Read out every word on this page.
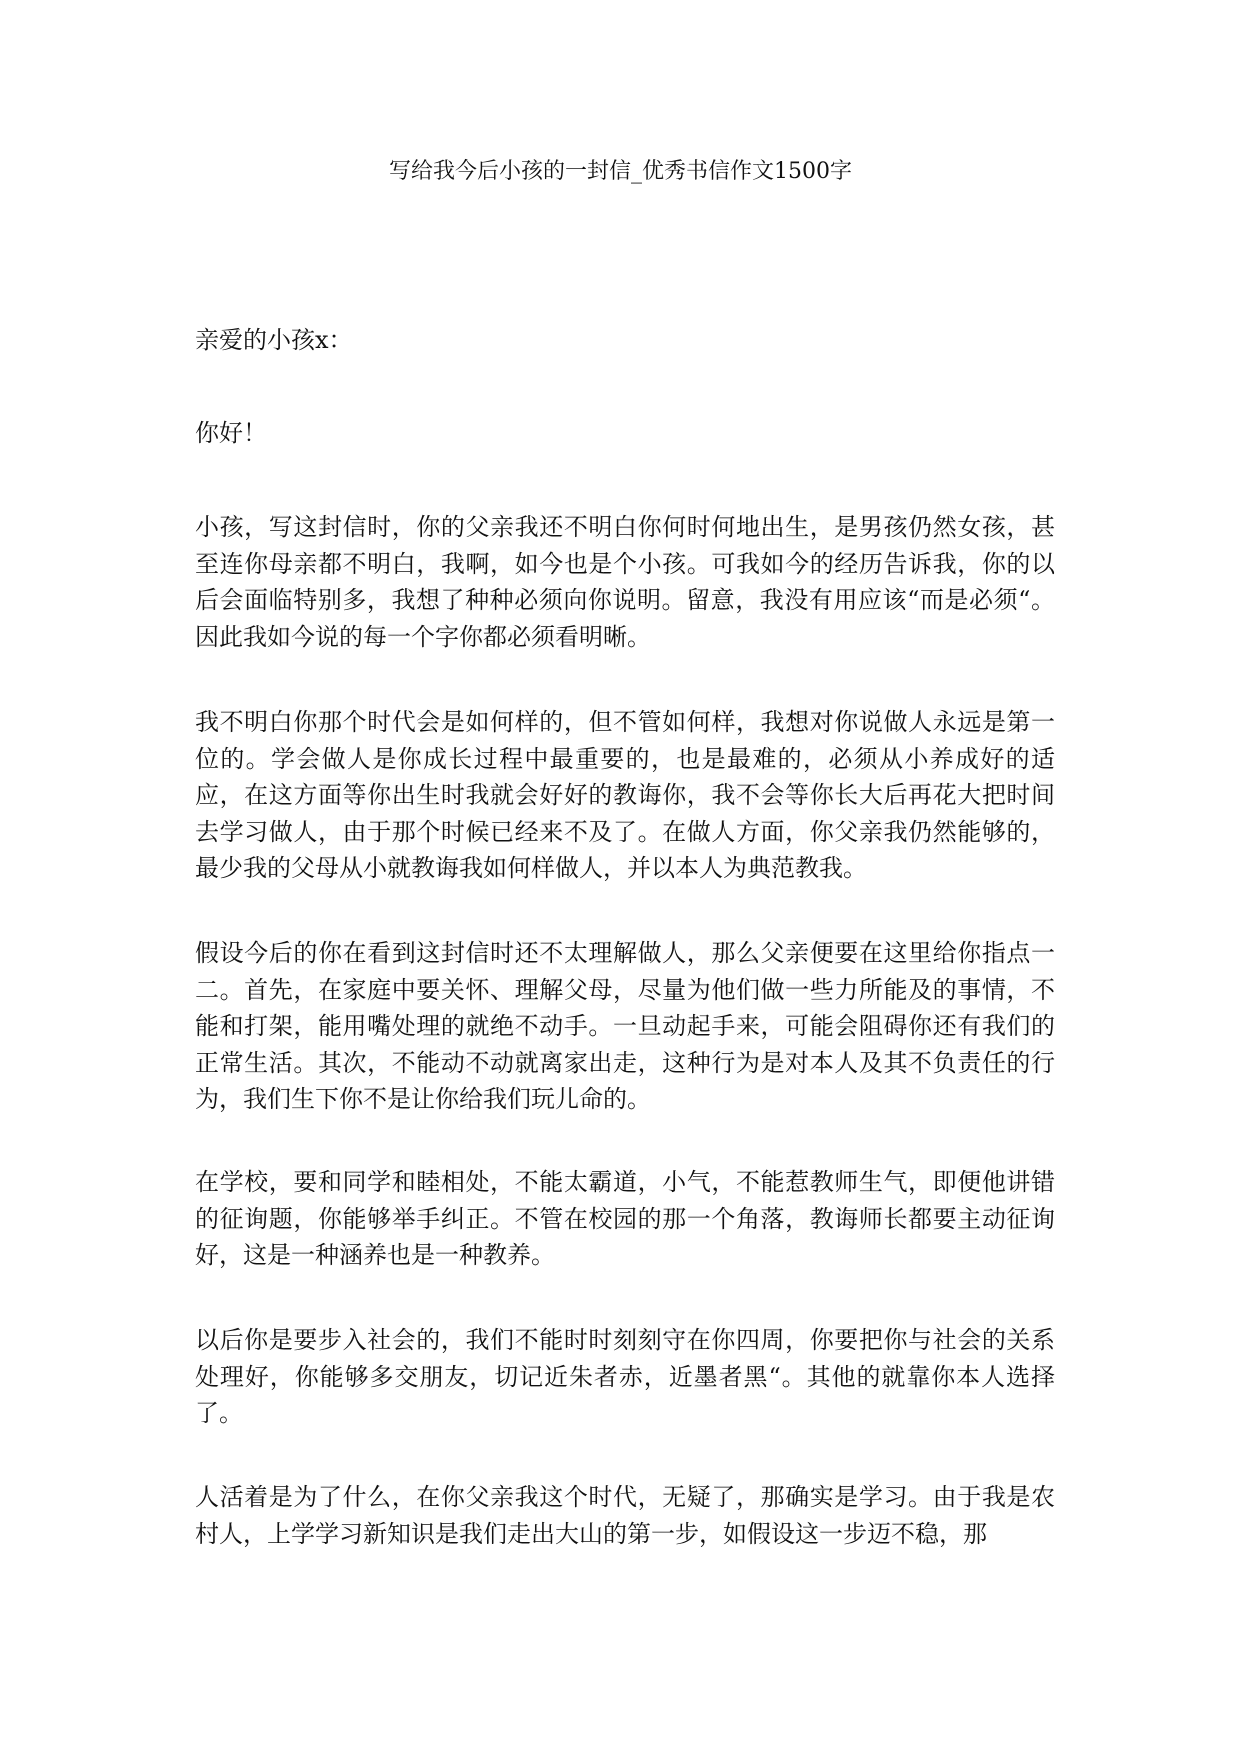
写给我今后小孩的一封信_优秀书信作文1500字

亲爱的小孩x：

你好！

小孩，写这封信时，你的父亲我还不明白你何时何地出生，是男孩仍然女孩，甚至连你母亲都不明白，我啊，如今也是个小孩。可我如今的经历告诉我，你的以后会面临特别多，我想了种种必须向你说明。留意，我没有用应该“而是必须“。因此我如今说的每一个字你都必须看明晰。

我不明白你那个时代会是如何样的，但不管如何样，我想对你说做人永远是第一位的。学会做人是你成长过程中最重要的，也是最难的，必须从小养成好的适应，在这方面等你出生时我就会好好的教诲你，我不会等你长大后再花大把时间去学习做人，由于那个时候已经来不及了。在做人方面，你父亲我仍然能够的，最少我的父母从小就教诲我如何样做人，并以本人为典范教我。

假设今后的你在看到这封信时还不太理解做人，那么父亲便要在这里给你指点一二。首先，在家庭中要关怀、理解父母，尽量为他们做一些力所能及的事情，不能和打架，能用嘴处理的就绝不动手。一旦动起手来，可能会阻碍你还有我们的正常生活。其次，不能动不动就离家出走，这种行为是对本人及其不负责任的行为，我们生下你不是让你给我们玩儿命的。

在学校，要和同学和睦相处，不能太霸道，小气，不能惹教师生气，即便他讲错的征询题，你能够举手纠正。不管在校园的那一个角落，教诲师长都要主动征询好，这是一种涵养也是一种教养。

以后你是要步入社会的，我们不能时时刻刻守在你四周，你要把你与社会的关系处理好，你能够多交朋友，切记近朱者赤，近墨者黑“。其他的就靠你本人选择了。

人活着是为了什么，在你父亲我这个时代，无疑了，那确实是学习。由于我是农村人，上学学习新知识是我们走出大山的第一步，如假设这一步迈不稳，那
